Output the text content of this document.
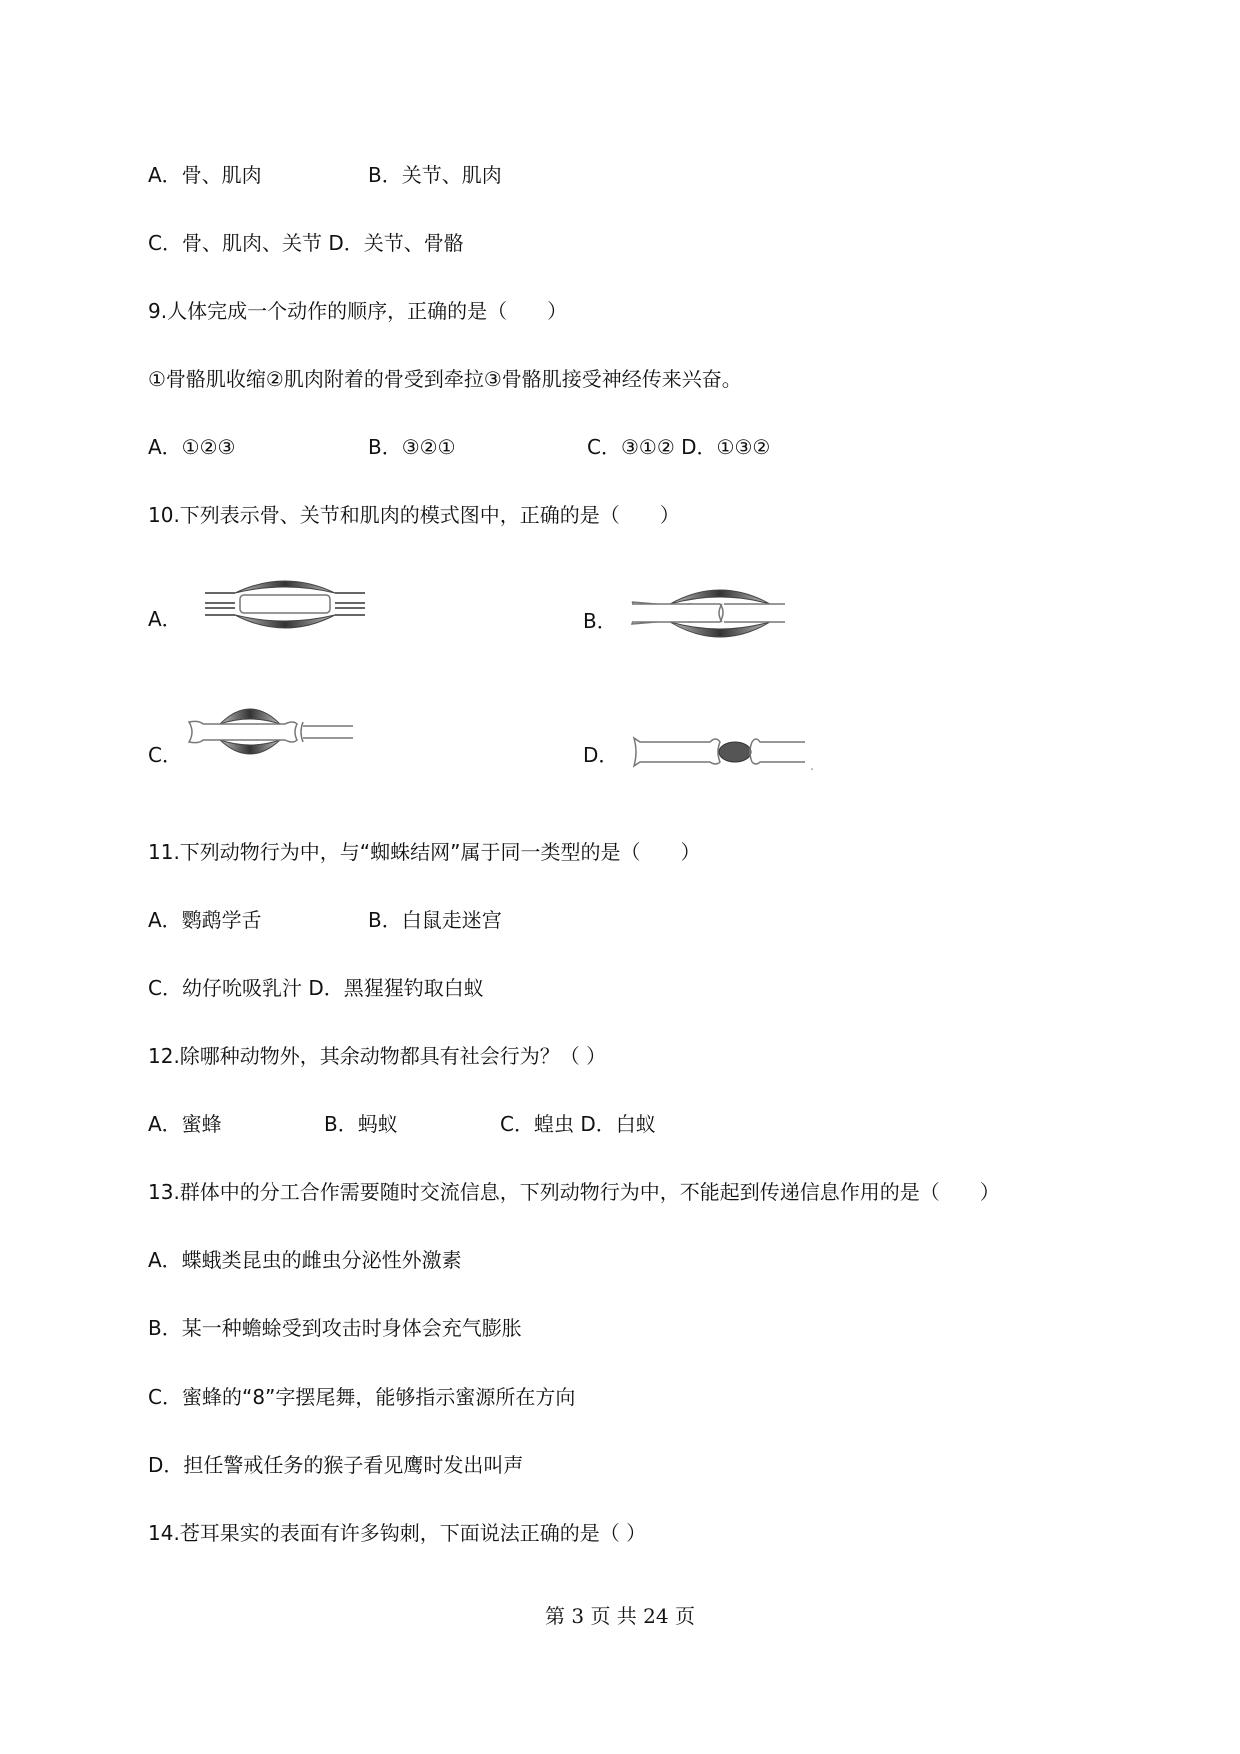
A．骨、肌肉	B．关节、肌肉
C．骨、肌肉、关节 D．关节、骨骼
9.人体完成一个动作的顺序，正确的是（　　）
①骨骼肌收缩②肌肉附着的骨受到牵拉③骨骼肌接受神经传来兴奋。
A．①②③	B．③②①	C．③①② D．①③②
10.下列表示骨、关节和肌肉的模式图中，正确的是（　　）
A．	B．
C．	D．
11.下列动物行为中，与“蜘蛛结网”属于同一类型的是（　　）
A．鹦鹉学舌	B．白鼠走迷宫
C．幼仔吮吸乳汁 D．黑猩猩钓取白蚁
12.除哪种动物外，其余动物都具有社会行为？（ ）
A．蜜蜂	B．蚂蚁	C．蝗虫 D．白蚁
13.群体中的分工合作需要随时交流信息，下列动物行为中，不能起到传递信息作用的是（　　）
A．蝶蛾类昆虫的雌虫分泌性外激素
B．某一种蟾蜍受到攻击时身体会充气膨胀
C．蜜蜂的“8”字摆尾舞，能够指示蜜源所在方向
D．担任警戒任务的猴子看见鹰时发出叫声
14.苍耳果实的表面有许多钩刺，下面说法正确的是（ ）
第 3 页 共 24 页
